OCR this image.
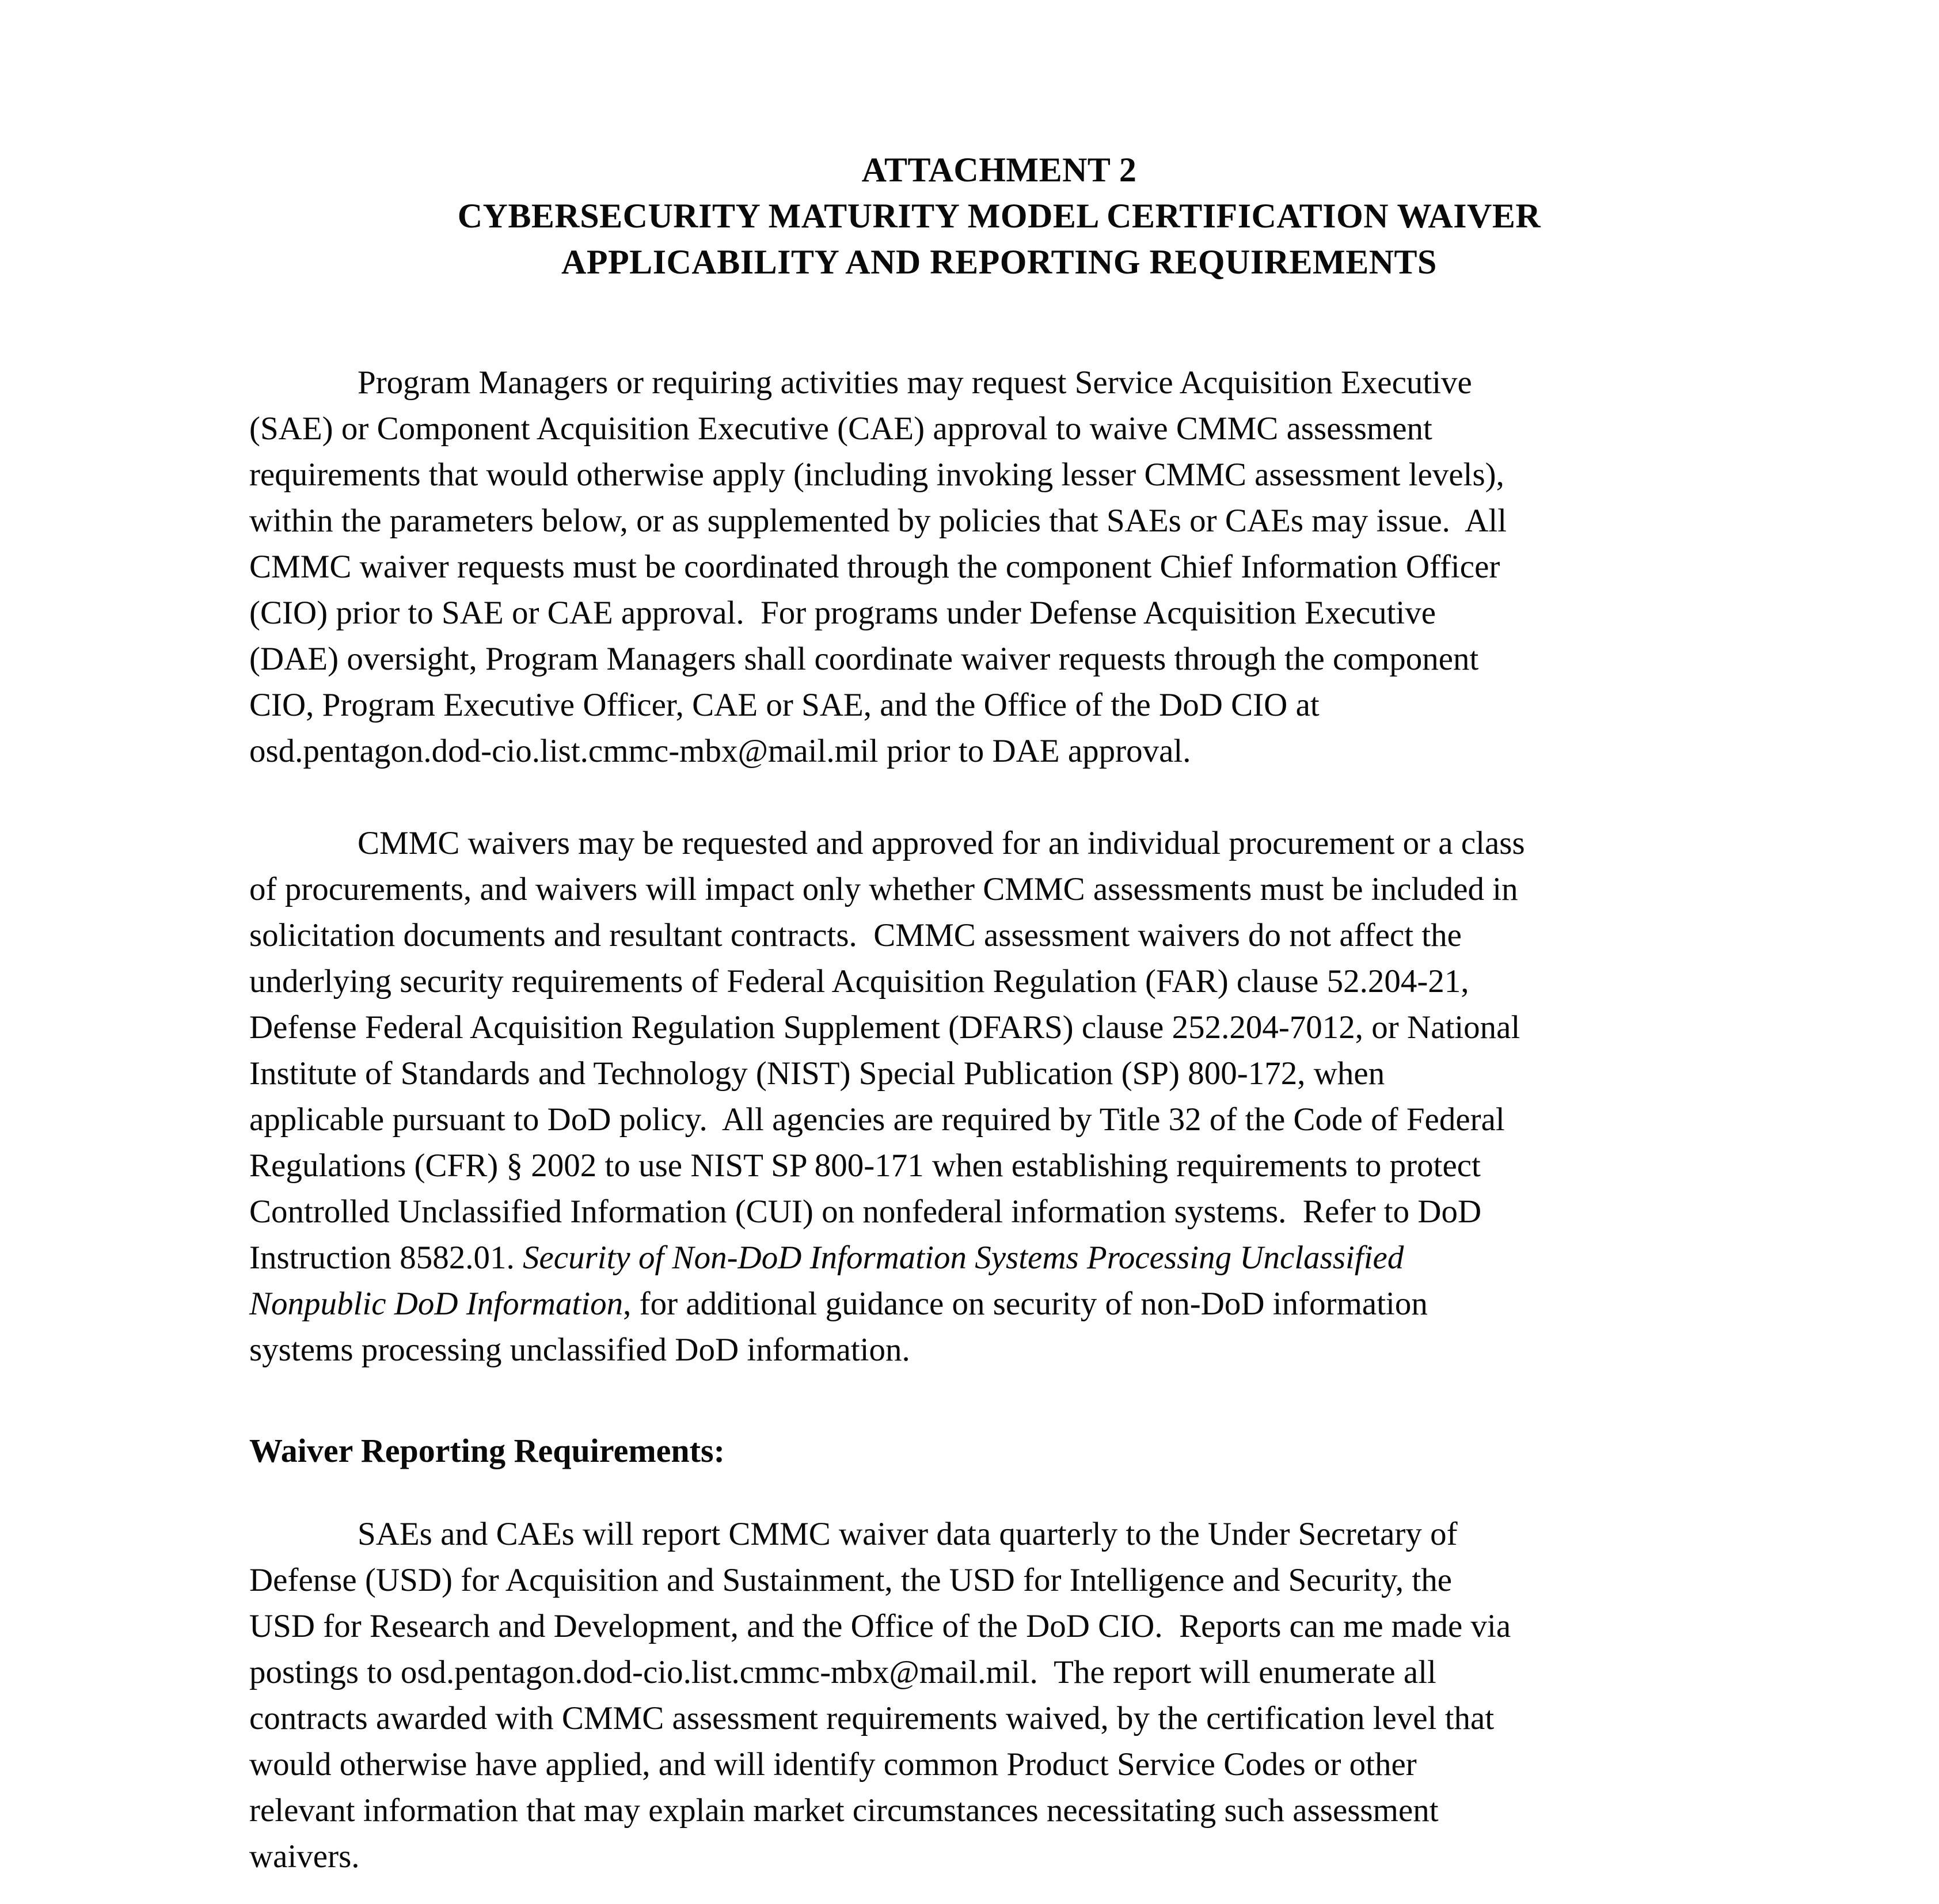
ATTACHMENT 2
CYBERSECURITY MATURITY MODEL CERTIFICATION WAIVER
APPLICABILITY AND REPORTING REQUIREMENTS
Program Managers or requiring activities may request Service Acquisition Executive
(SAE) or Component Acquisition Executive (CAE) approval to waive CMMC assessment
requirements that would otherwise apply (including invoking lesser CMMC assessment levels),
within the parameters below, or as supplemented by policies that SAEs or CAEs may issue.  All
CMMC waiver requests must be coordinated through the component Chief Information Officer
(CIO) prior to SAE or CAE approval.  For programs under Defense Acquisition Executive
(DAE) oversight, Program Managers shall coordinate waiver requests through the component
CIO, Program Executive Officer, CAE or SAE, and the Office of the DoD CIO at
osd.pentagon.dod-cio.list.cmmc-mbx@mail.mil prior to DAE approval.
CMMC waivers may be requested and approved for an individual procurement or a class
of procurements, and waivers will impact only whether CMMC assessments must be included in
solicitation documents and resultant contracts.  CMMC assessment waivers do not affect the
underlying security requirements of Federal Acquisition Regulation (FAR) clause 52.204-21,
Defense Federal Acquisition Regulation Supplement (DFARS) clause 252.204-7012, or National
Institute of Standards and Technology (NIST) Special Publication (SP) 800-172, when
applicable pursuant to DoD policy.  All agencies are required by Title 32 of the Code of Federal
Regulations (CFR) § 2002 to use NIST SP 800-171 when establishing requirements to protect
Controlled Unclassified Information (CUI) on nonfederal information systems.  Refer to DoD
Instruction 8582.01. Security of Non-DoD Information Systems Processing Unclassified
Nonpublic DoD Information, for additional guidance on security of non-DoD information
systems processing unclassified DoD information.
Waiver Reporting Requirements:
SAEs and CAEs will report CMMC waiver data quarterly to the Under Secretary of
Defense (USD) for Acquisition and Sustainment, the USD for Intelligence and Security, the
USD for Research and Development, and the Office of the DoD CIO.  Reports can me made via
postings to osd.pentagon.dod-cio.list.cmmc-mbx@mail.mil.  The report will enumerate all
contracts awarded with CMMC assessment requirements waived, by the certification level that
would otherwise have applied, and will identify common Product Service Codes or other
relevant information that may explain market circumstances necessitating such assessment
waivers.
